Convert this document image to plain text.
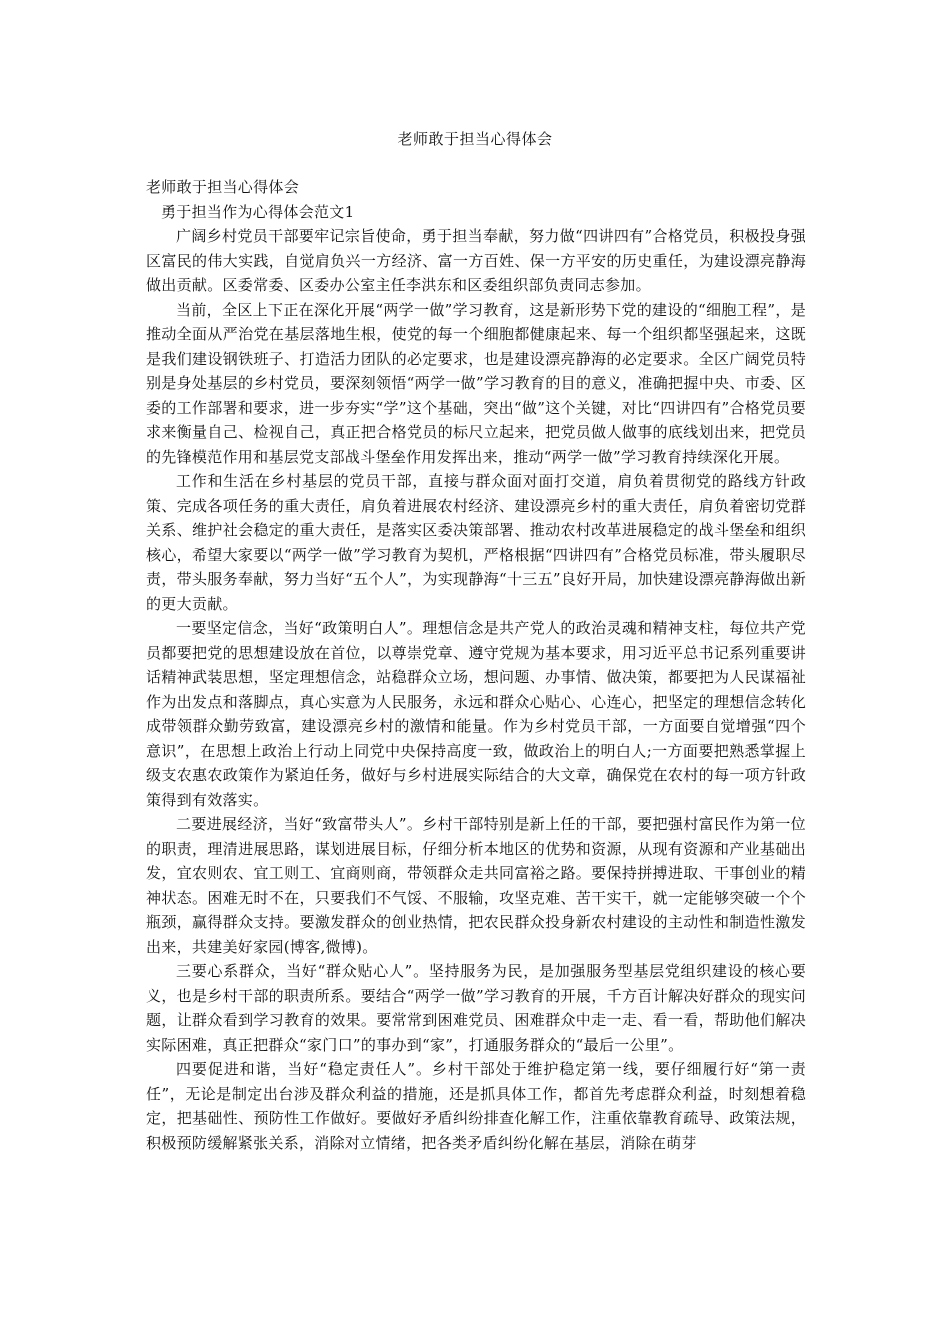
老师敢于担当心得体会

老师敢于担当心得体会

勇于担当作为心得体会范文1

广阔乡村党员干部要牢记宗旨使命，勇于担当奉献，努力做“四讲四有”合格党员，积极投身强区富民的伟大实践，自觉肩负兴一方经济、富一方百姓、保一方平安的历史重任，为建设漂亮静海做出贡献。区委常委、区委办公室主任李洪东和区委组织部负责同志参加。

当前，全区上下正在深化开展“两学一做”学习教育，这是新形势下党的建设的“细胞工程”，是推动全面从严治党在基层落地生根，使党的每一个细胞都健康起来、每一个组织都坚强起来，这既是我们建设钢铁班子、打造活力团队的必定要求，也是建设漂亮静海的必定要求。全区广阔党员特别是身处基层的乡村党员，要深刻领悟“两学一做”学习教育的目的意义，准确把握中央、市委、区委的工作部署和要求，进一步夯实“学”这个基础，突出“做”这个关键，对比“四讲四有”合格党员要求来衡量自己、检视自己，真正把合格党员的标尺立起来，把党员做人做事的底线划出来，把党员的先锋模范作用和基层党支部战斗堡垒作用发挥出来，推动“两学一做”学习教育持续深化开展。

工作和生活在乡村基层的党员干部，直接与群众面对面打交道，肩负着贯彻党的路线方针政策、完成各项任务的重大责任，肩负着进展农村经济、建设漂亮乡村的重大责任，肩负着密切党群关系、维护社会稳定的重大责任，是落实区委决策部署、推动农村改革进展稳定的战斗堡垒和组织核心，希望大家要以“两学一做”学习教育为契机，严格根据“四讲四有”合格党员标准，带头履职尽责，带头服务奉献，努力当好“五个人”，为实现静海“十三五”良好开局，加快建设漂亮静海做出新的更大贡献。

一要坚定信念，当好“政策明白人”。理想信念是共产党人的政治灵魂和精神支柱，每位共产党员都要把党的思想建设放在首位，以尊崇党章、遵守党规为基本要求，用习近平总书记系列重要讲话精神武装思想，坚定理想信念，站稳群众立场，想问题、办事情、做决策，都要把为人民谋福祉作为出发点和落脚点，真心实意为人民服务，永远和群众心贴心、心连心，把坚定的理想信念转化成带领群众勤劳致富，建设漂亮乡村的激情和能量。作为乡村党员干部，一方面要自觉增强“四个意识”，在思想上政治上行动上同党中央保持高度一致，做政治上的明白人;一方面要把熟悉掌握上级支农惠农政策作为紧迫任务，做好与乡村进展实际结合的大文章，确保党在农村的每一项方针政策得到有效落实。

二要进展经济，当好“致富带头人”。乡村干部特别是新上任的干部，要把强村富民作为第一位的职责，理清进展思路，谋划进展目标，仔细分析本地区的优势和资源，从现有资源和产业基础出发，宜农则农、宜工则工、宜商则商，带领群众走共同富裕之路。要保持拼搏进取、干事创业的精神状态。困难无时不在，只要我们不气馁、不服输，攻坚克难、苦干实干，就一定能够突破一个个瓶颈，赢得群众支持。要激发群众的创业热情，把农民群众投身新农村建设的主动性和制造性激发出来，共建美好家园(博客,微博)。

三要心系群众，当好“群众贴心人”。坚持服务为民，是加强服务型基层党组织建设的核心要义，也是乡村干部的职责所系。要结合“两学一做”学习教育的开展，千方百计解决好群众的现实问题，让群众看到学习教育的效果。要常常到困难党员、困难群众中走一走、看一看，帮助他们解决实际困难，真正把群众“家门口”的事办到“家”，打通服务群众的“最后一公里”。

四要促进和谐，当好“稳定责任人”。乡村干部处于维护稳定第一线，要仔细履行好“第一责任”，无论是制定出台涉及群众利益的措施，还是抓具体工作，都首先考虑群众利益，时刻想着稳定，把基础性、预防性工作做好。要做好矛盾纠纷排查化解工作，注重依靠教育疏导、政策法规，积极预防缓解紧张关系，消除对立情绪，把各类矛盾纠纷化解在基层，消除在萌芽
